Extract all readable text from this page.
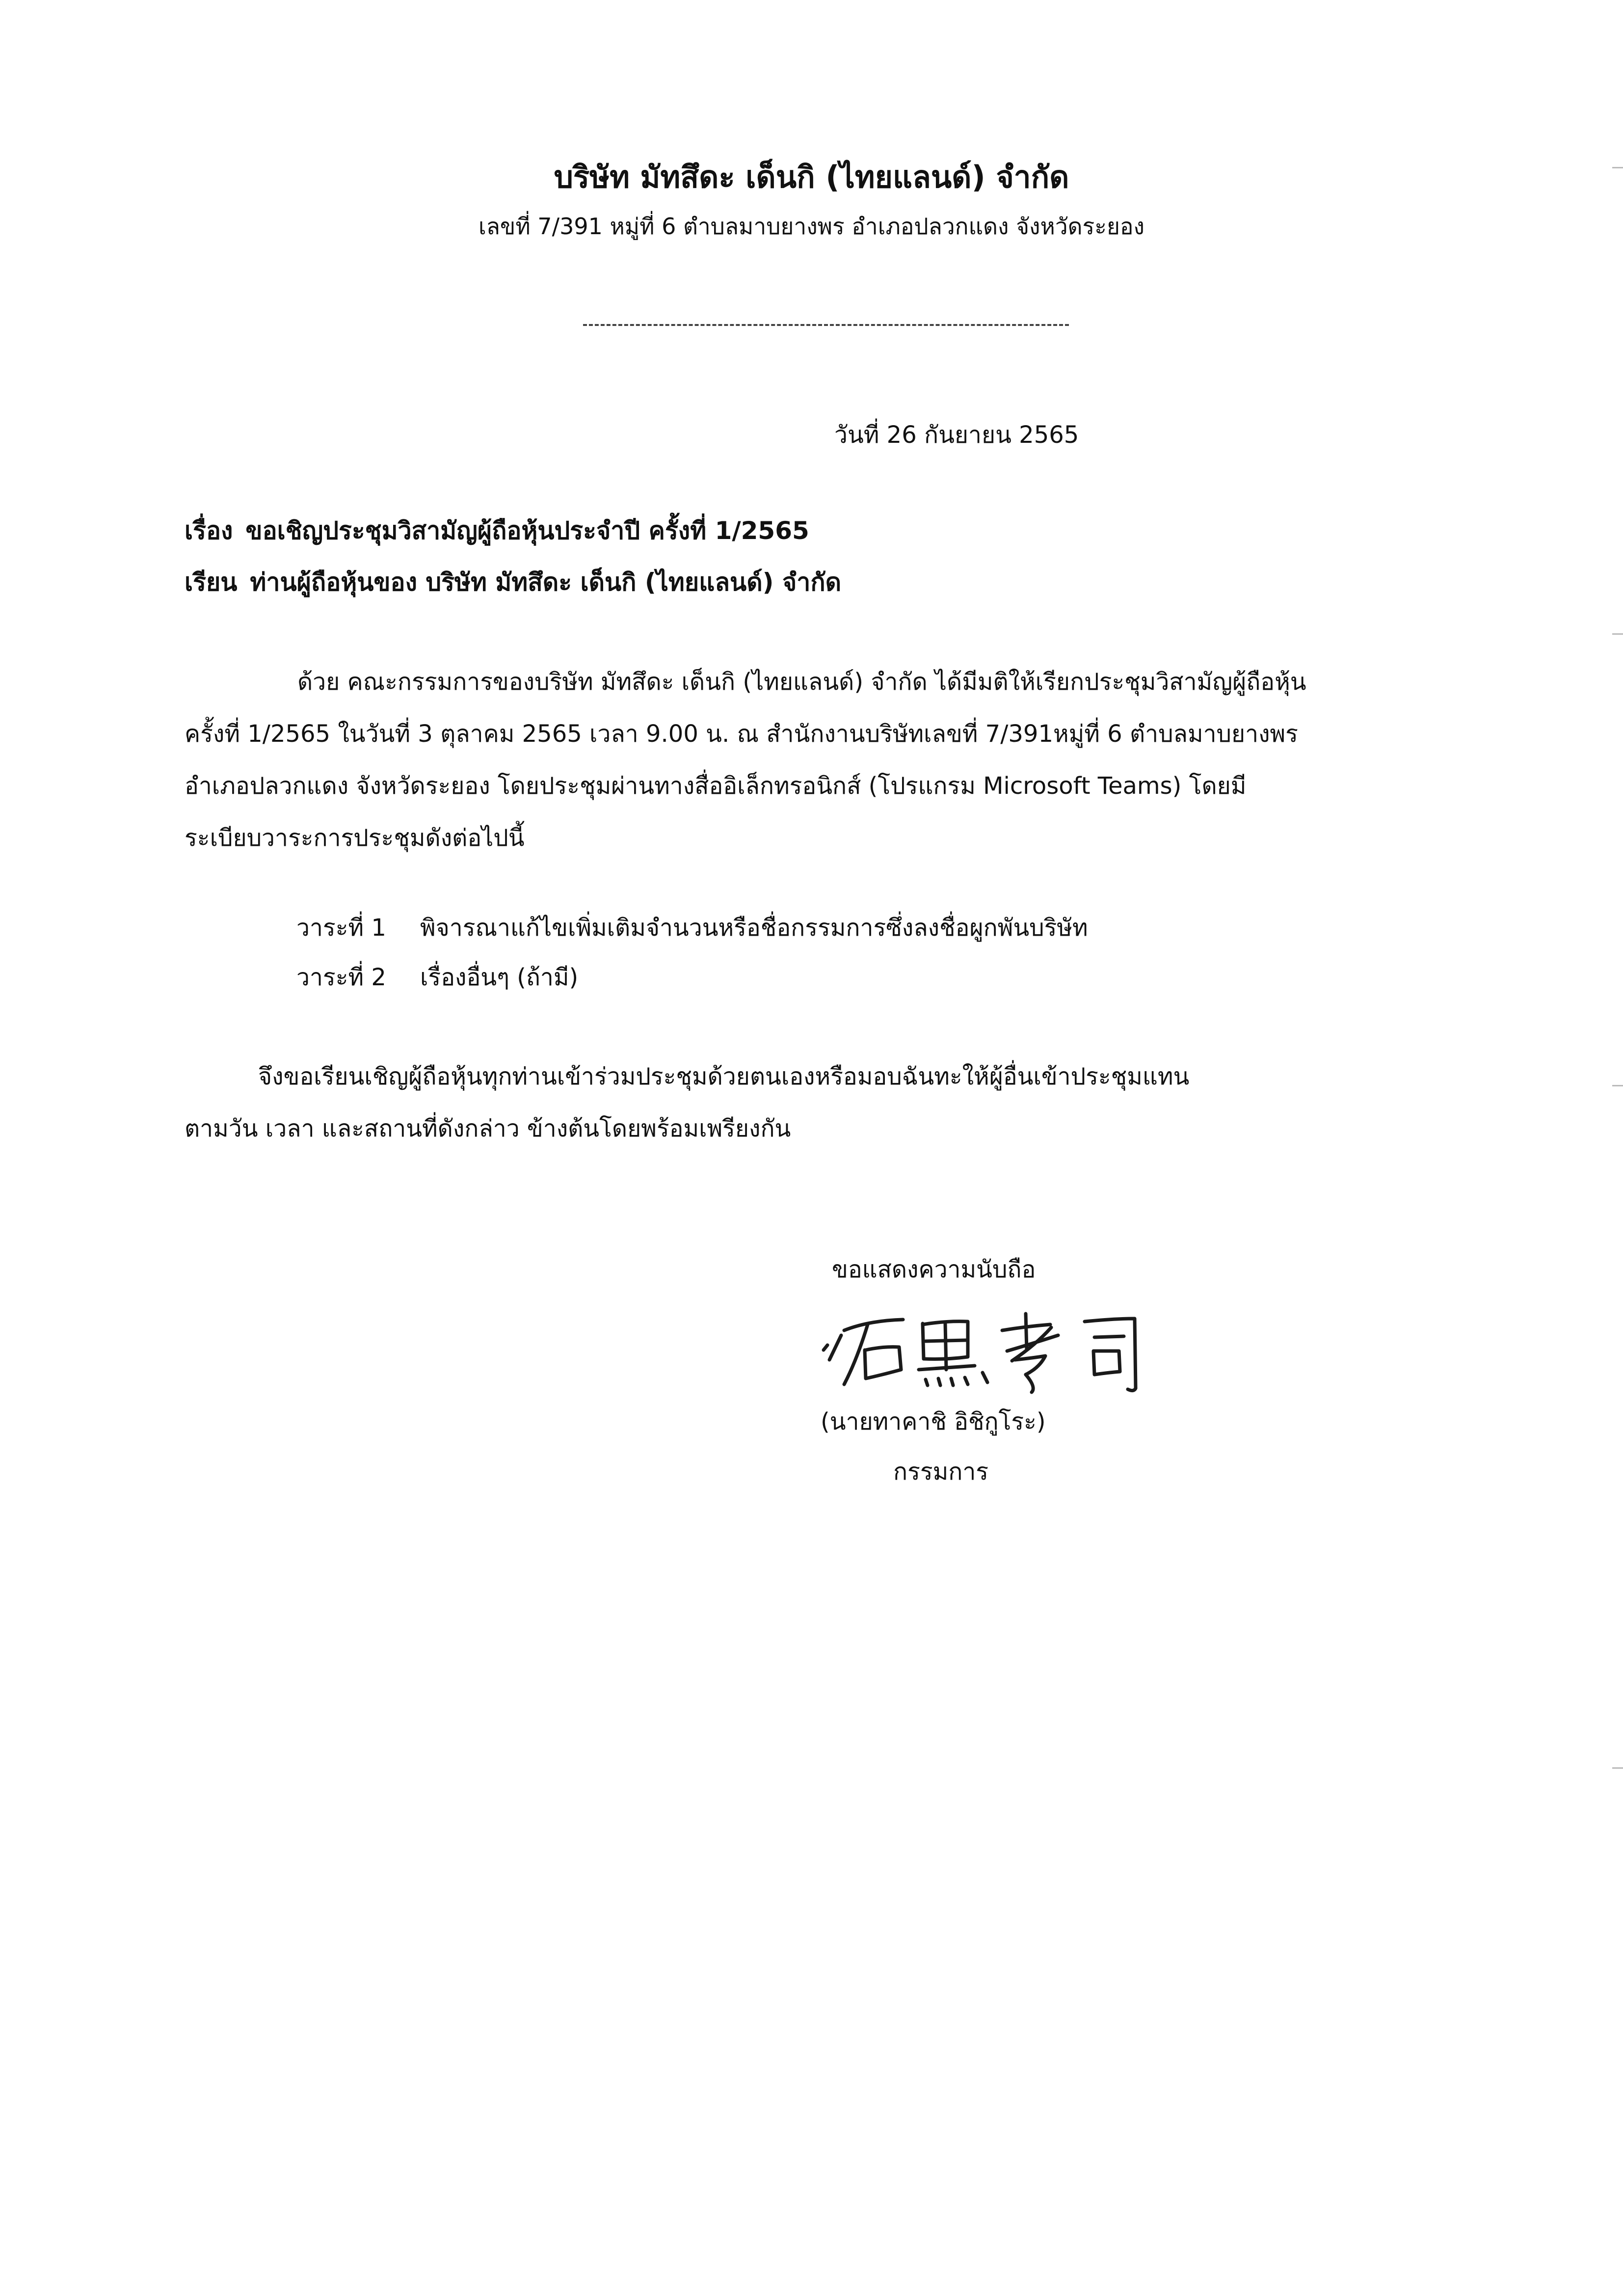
บริษัท มัทสึดะ เด็นกิ (ไทยแลนด์) จำกัด
เลขที่ 7/391 หมู่ที่ 6 ตำบลมาบยางพร อำเภอปลวกแดง จังหวัดระยอง
วันที่ 26 กันยายน 2565
เรื่อง ขอเชิญประชุมวิสามัญผู้ถือหุ้นประจำปี ครั้งที่ 1/2565
เรียน ท่านผู้ถือหุ้นของ บริษัท มัทสึดะ เด็นกิ (ไทยแลนด์) จำกัด
ด้วย คณะกรรมการของบริษัท มัทสึดะ เด็นกิ (ไทยแลนด์) จำกัด ได้มีมติให้เรียกประชุมวิสามัญผู้ถือหุ้น
ครั้งที่ 1/2565 ในวันที่ 3 ตุลาคม 2565 เวลา 9.00 น. ณ สำนักงานบริษัทเลขที่ 7/391หมู่ที่ 6 ตำบลมาบยางพร
อำเภอปลวกแดง จังหวัดระยอง โดยประชุมผ่านทางสื่ออิเล็กทรอนิกส์ (โปรแกรม Microsoft Teams) โดยมี
ระเบียบวาระการประชุมดังต่อไปนี้
วาระที่ 1 พิจารณาแก้ไขเพิ่มเติมจำนวนหรือชื่อกรรมการซึ่งลงชื่อผูกพันบริษัท
วาระที่ 2 เรื่องอื่นๆ (ถ้ามี)
จึงขอเรียนเชิญผู้ถือหุ้นทุกท่านเข้าร่วมประชุมด้วยตนเองหรือมอบฉันทะให้ผู้อื่นเข้าประชุมแทน
ตามวัน เวลา และสถานที่ดังกล่าว ข้างต้นโดยพร้อมเพรียงกัน
ขอแสดงความนับถือ
(นายทาคาชิ อิชิกูโระ)
กรรมการ
